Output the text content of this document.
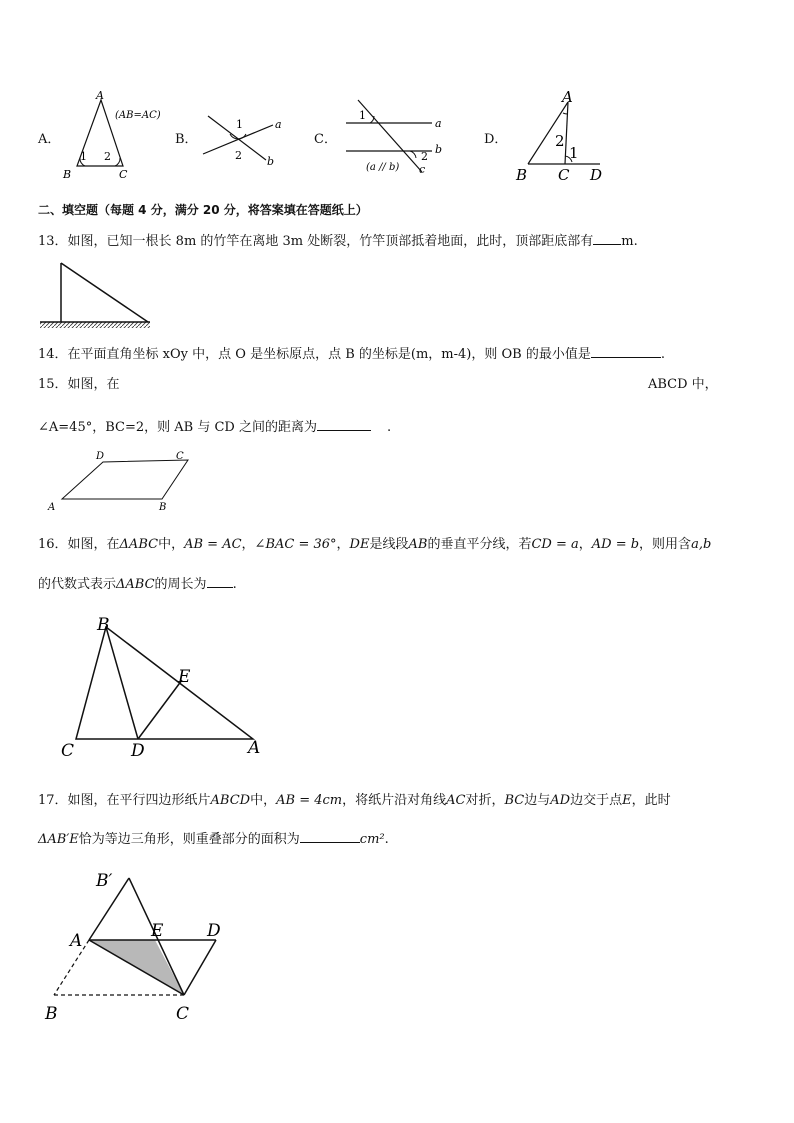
A．
A
B	C
(AB=AC)
1 2
B．
1
2
a
b
C．
1
2
a
b
c
(a // b)
D．
A
B C D
1
2
二、填空题（每题 4 分，满分 20 分，将答案填在答题纸上）
13．如图，已知一根长 8m 的竹竿在离地 3m 处断裂，竹竿顶部抵着地面，此时，顶部距底部有 m.
14．在平面直角坐标 xOy 中，点 O 是坐标原点，点 B 的坐标是(m，m-4)，则 OB 的最小值是	.
15．如图，在	ABCD 中，
∠A=45°，BC=2，则 AB 与 CD 之间的距离为	.
D	C
A	B
16．如图，在ΔABC中，AB = AC，∠BAC = 36°，DE是线段AB的垂直平分线，若CD = a，AD = b，则用含a,b
的代数式表示ΔABC的周长为 .
B
E
C	D	A
17．如图，在平行四边形纸片ABCD中，AB = 4cm，将纸片沿对角线AC对折，BC边与AD边交于点E，此时
ΔAB′E恰为等边三角形，则重叠部分的面积为	cm².
B′
A	E	D
B	C
